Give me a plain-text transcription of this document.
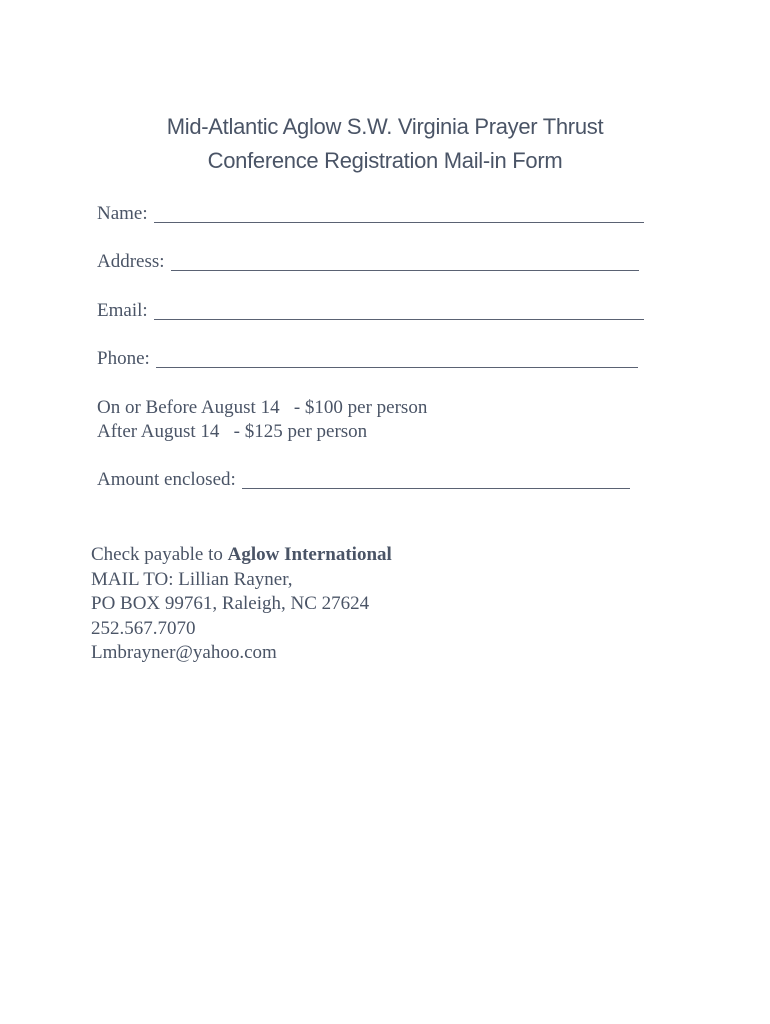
Mid-Atlantic Aglow S.W. Virginia Prayer Thrust
Conference Registration Mail-in Form
Name:
Address:
Email:
Phone:
On or Before August 14   - $100 per person
After August 14   - $125 per person
Amount enclosed:
Check payable to Aglow International
MAIL TO: Lillian Rayner,
PO BOX 99761, Raleigh, NC 27624
252.567.7070
Lmbrayner@yahoo.com
